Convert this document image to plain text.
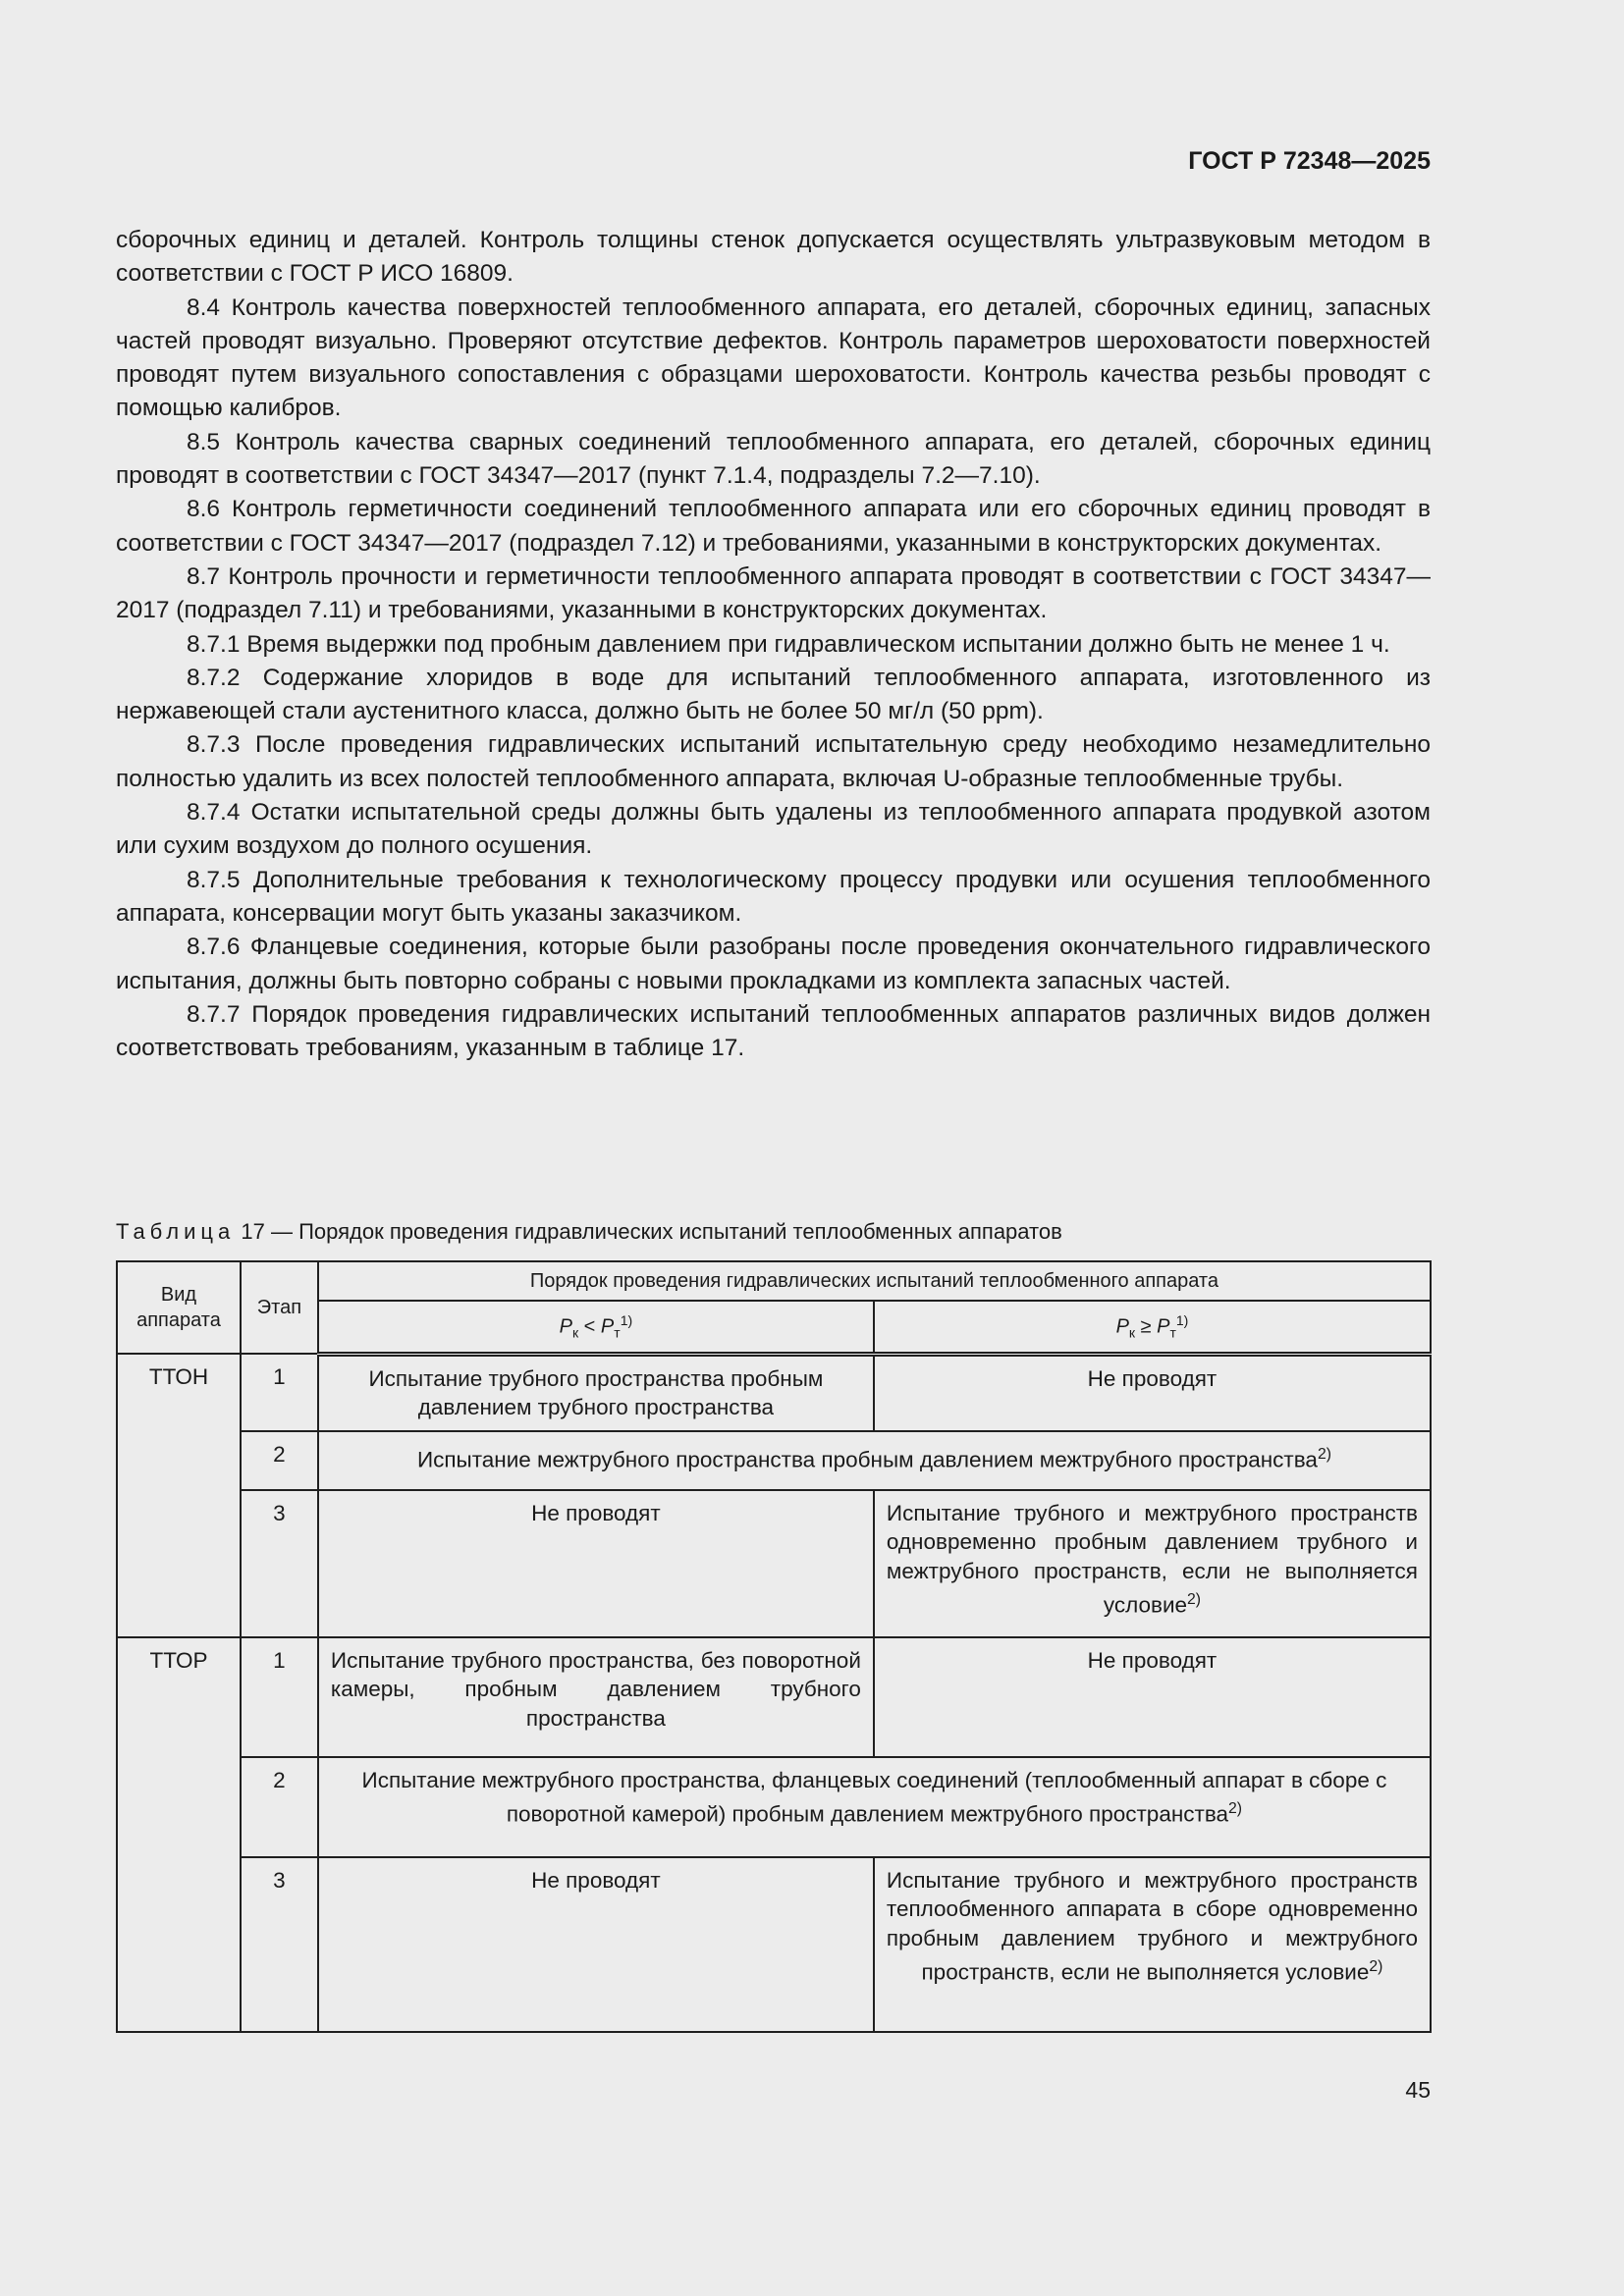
ГОСТ Р 72348—2025

сборочных единиц и деталей. Контроль толщины стенок допускается осуществлять ультразвуковым методом в соответствии с ГОСТ Р ИСО 16809.

8.4 Контроль качества поверхностей теплообменного аппарата, его деталей, сборочных единиц, запасных частей проводят визуально. Проверяют отсутствие дефектов. Контроль параметров шероховатости поверхностей проводят путем визуального сопоставления с образцами шероховатости. Контроль качества резьбы проводят с помощью калибров.

8.5 Контроль качества сварных соединений теплообменного аппарата, его деталей, сборочных единиц проводят в соответствии с ГОСТ 34347—2017 (пункт 7.1.4, подразделы 7.2—7.10).

8.6 Контроль герметичности соединений теплообменного аппарата или его сборочных единиц проводят в соответствии с ГОСТ 34347—2017 (подраздел 7.12) и требованиями, указанными в конструкторских документах.

8.7 Контроль прочности и герметичности теплообменного аппарата проводят в соответствии с ГОСТ 34347—2017 (подраздел 7.11) и требованиями, указанными в конструкторских документах.

8.7.1 Время выдержки под пробным давлением при гидравлическом испытании должно быть не менее 1 ч.

8.7.2 Содержание хлоридов в воде для испытаний теплообменного аппарата, изготовленного из нержавеющей стали аустенитного класса, должно быть не более 50 мг/л (50 ppm).

8.7.3 После проведения гидравлических испытаний испытательную среду необходимо незамедлительно полностью удалить из всех полостей теплообменного аппарата, включая U-образные теплообменные трубы.

8.7.4 Остатки испытательной среды должны быть удалены из теплообменного аппарата продувкой азотом или сухим воздухом до полного осушения.

8.7.5 Дополнительные требования к технологическому процессу продувки или осушения теплообменного аппарата, консервации могут быть указаны заказчиком.

8.7.6 Фланцевые соединения, которые были разобраны после проведения окончательного гидравлического испытания, должны быть повторно собраны с новыми прокладками из комплекта запасных частей.

8.7.7 Порядок проведения гидравлических испытаний теплообменных аппаратов различных видов должен соответствовать требованиям, указанным в таблице 17.

Таблица 17 — Порядок проведения гидравлических испытаний теплообменных аппаратов
Вид аппарата	Этап	Порядок проведения гидравлических испытаний теплообменного аппарата	
		$P_к < P_т^{1)}$	$P_к \ge P_т^{1)}$
ТТОН	1	Испытание трубного пространства пробным давлением трубного пространства	Не проводят
	2	Испытание межтрубного пространства пробным давлением межтрубного пространства$^{2)}$
	3	Не проводят	Испытание трубного и межтрубного пространств одновременно пробным давлением трубного и межтрубного пространств, если не выполняется условие$^{2)}$
ТТОР	1	Испытание трубного пространства, без поворотной камеры, пробным давлением трубного пространства	Не проводят
	2	Испытание межтрубного пространства, фланцевых соединений (теплообменный аппарат в сборе с поворотной камерой) пробным давлением межтрубного пространства$^{2)}$
	3	Не проводят	Испытание трубного и межтрубного пространств теплообменного аппарата в сборе одновременно пробным давлением трубного и межтрубного пространств, если не выполняется условие$^{2)}$
45
